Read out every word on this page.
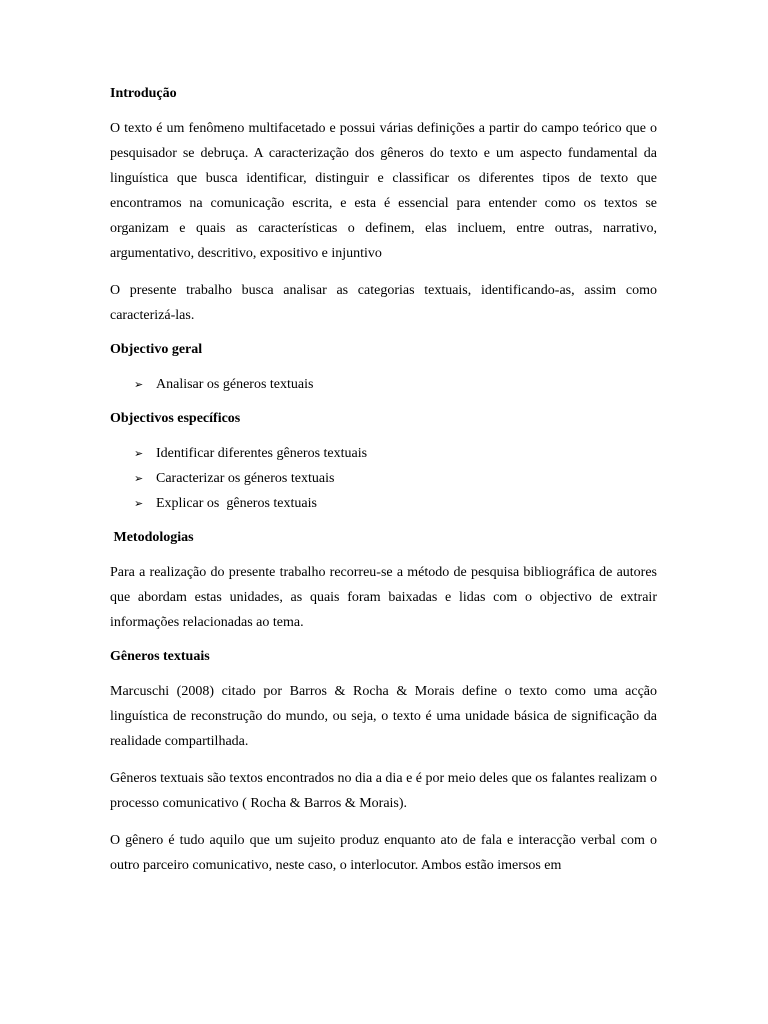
Introdução

O texto é um fenômeno multifacetado e possui várias definições a partir do campo teórico que o pesquisador se debruça. A caracterização dos gêneros do texto e um aspecto fundamental da linguística que busca identificar, distinguir e classificar os diferentes tipos de texto que encontramos na comunicação escrita, e esta é essencial para entender como os textos se organizam e quais as características o definem, elas incluem, entre outras, narrativo, argumentativo, descritivo, expositivo e injuntivo

O presente trabalho busca analisar as categorias textuais, identificando-as, assim como caracterizá-las.

Objectivo geral
➢ Analisar os géneros textuais
Objectivos específicos
➢ Identificar diferentes gêneros textuais
➢ Caracterizar os géneros textuais
➢ Explicar os  gêneros textuais
Metodologias

Para a realização do presente trabalho recorreu-se a método de pesquisa bibliográfica de autores que abordam estas unidades, as quais foram baixadas e lidas com o objectivo de extrair informações relacionadas ao tema.

Gêneros textuais

Marcuschi (2008) citado por Barros & Rocha & Morais define o texto como uma acção linguística de reconstrução do mundo, ou seja, o texto é uma unidade básica de significação da realidade compartilhada.

Gêneros textuais são textos encontrados no dia a dia e é por meio deles que os falantes realizam o processo comunicativo ( Rocha & Barros & Morais).

O gênero é tudo aquilo que um sujeito produz enquanto ato de fala e interacção verbal com o outro parceiro comunicativo, neste caso, o interlocutor. Ambos estão imersos em
